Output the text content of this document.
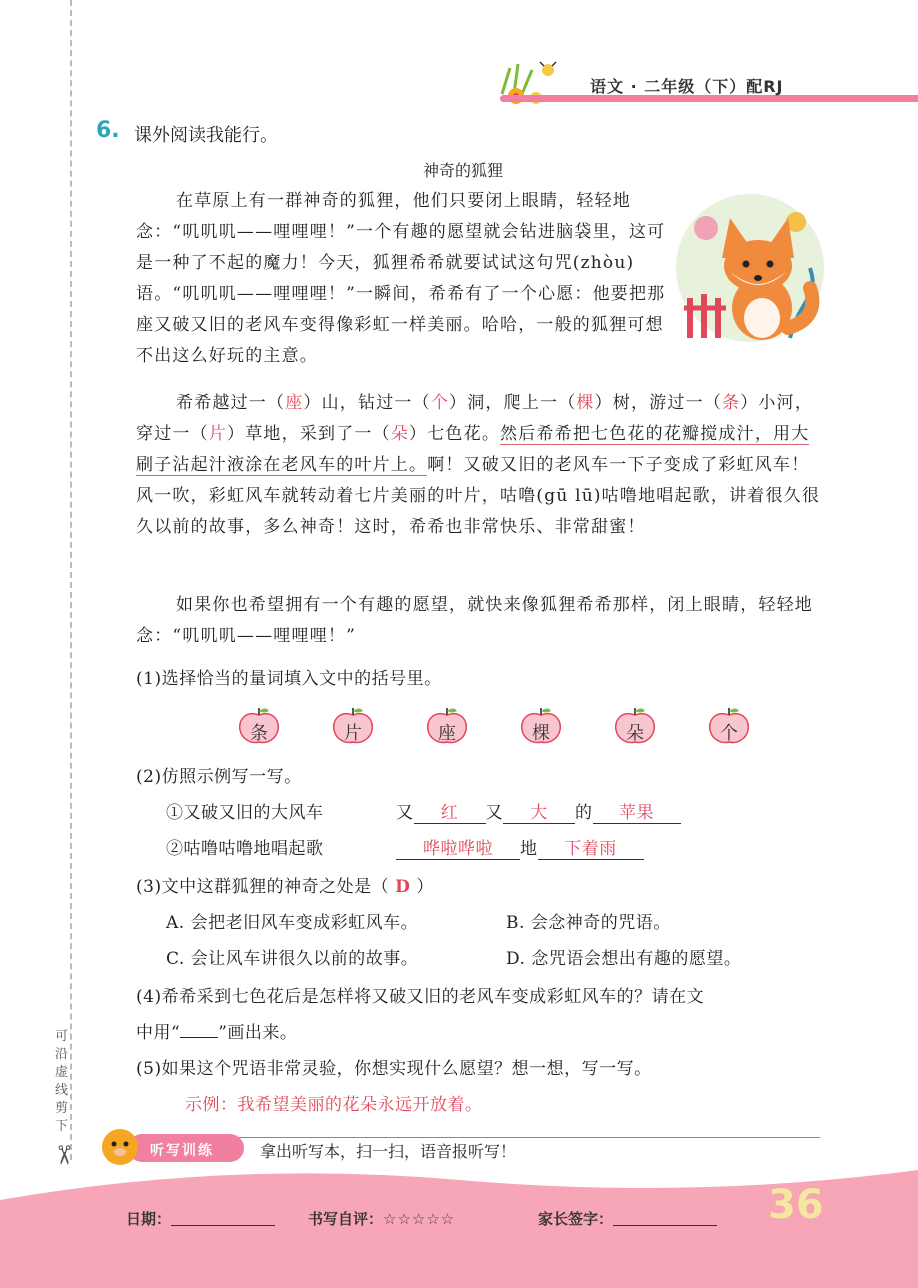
语文 · 二年级（下）配RJ
可沿虚线剪下
✂
6. 课外阅读我能行。
神奇的狐狸
在草原上有一群神奇的狐狸，他们只要闭上眼睛，轻轻地念：“叽叽叽——哩哩哩！”一个有趣的愿望就会钻进脑袋里，这可是一种了不起的魔力！今天，狐狸希希就要试试这句咒(zhòu)语。“叽叽叽——哩哩哩！”一瞬间，希希有了一个心愿：他要把那座又破又旧的老风车变得像彩虹一样美丽。哈哈，一般的狐狸可想不出这么好玩的主意。
希希越过一（座）山，钻过一（个）洞，爬上一（棵）树，游过一（条）小河，穿过一（片）草地，采到了一（朵）七色花。然后希希把七色花的花瓣搅成汁，用大刷子沾起汁液涂在老风车的叶片上。啊！又破又旧的老风车一下子变成了彩虹风车！风一吹，彩虹风车就转动着七片美丽的叶片，咕噜(gū lū)咕噜地唱起歌，讲着很久很久以前的故事，多么神奇！这时，希希也非常快乐、非常甜蜜！
如果你也希望拥有一个有趣的愿望，就快来像狐狸希希那样，闭上眼睛，轻轻地念：“叽叽叽——哩哩哩！”
(1)选择恰当的量词填入文中的括号里。
条	片	座	棵	朵	个
(2)仿照示例写一写。
①又破又旧的大风车	又 红 又 大 的 苹果
②咕噜咕噜地唱起歌	哗啦哗啦 地 下着雨
(3)文中这群狐狸的神奇之处是（ D ）
A. 会把老旧风车变成彩虹风车。	B. 会念神奇的咒语。
C. 会让风车讲很久以前的故事。	D. 念咒语会想出有趣的愿望。
(4)希希采到七色花后是怎样将又破又旧的老风车变成彩虹风车的？请在文
中用“ ”画出来。
(5)如果这个咒语非常灵验，你想实现什么愿望？想一想，写一写。
示例：我希望美丽的花朵永远开放着。
听写训练	拿出听写本，扫一扫，语音报听写！
日期：	书写自评：☆☆☆☆☆	家长签字：	36
